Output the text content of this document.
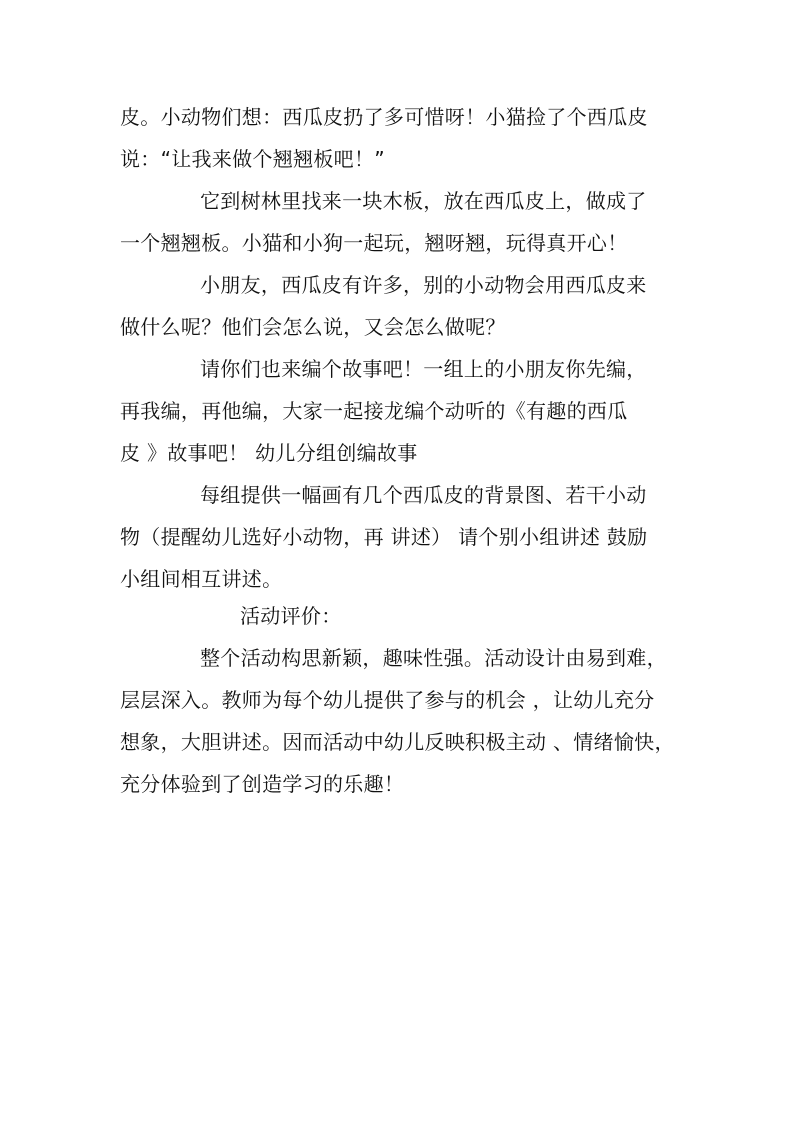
皮。小动物们想：西瓜皮扔了多可惜呀！小猫捡了个西瓜皮
说：“让我来做个翘翘板吧！”
它到树林里找来一块木板，放在西瓜皮上，做成了
一个翘翘板。小猫和小狗一起玩，翘呀翘，玩得真开心！
小朋友，西瓜皮有许多，别的小动物会用西瓜皮来
做什么呢？他们会怎么说，又会怎么做呢？
请你们也来编个故事吧！一组上的小朋友你先编，
再我编，再他编，大家一起接龙编个动听的《有趣的西瓜
皮 》故事吧！ 幼儿分组创编故事
每组提供一幅画有几个西瓜皮的背景图、若干小动
物（提醒幼儿选好小动物，再 讲述） 请个别小组讲述 鼓励
小组间相互讲述。
活动评价：
整个活动构思新颖，趣味性强。活动设计由易到难，
层层深入。教师为每个幼儿提供了参与的机会 ，让幼儿充分
想象，大胆讲述。因而活动中幼儿反映积极主动 、情绪愉快，
充分体验到了创造学习的乐趣！
